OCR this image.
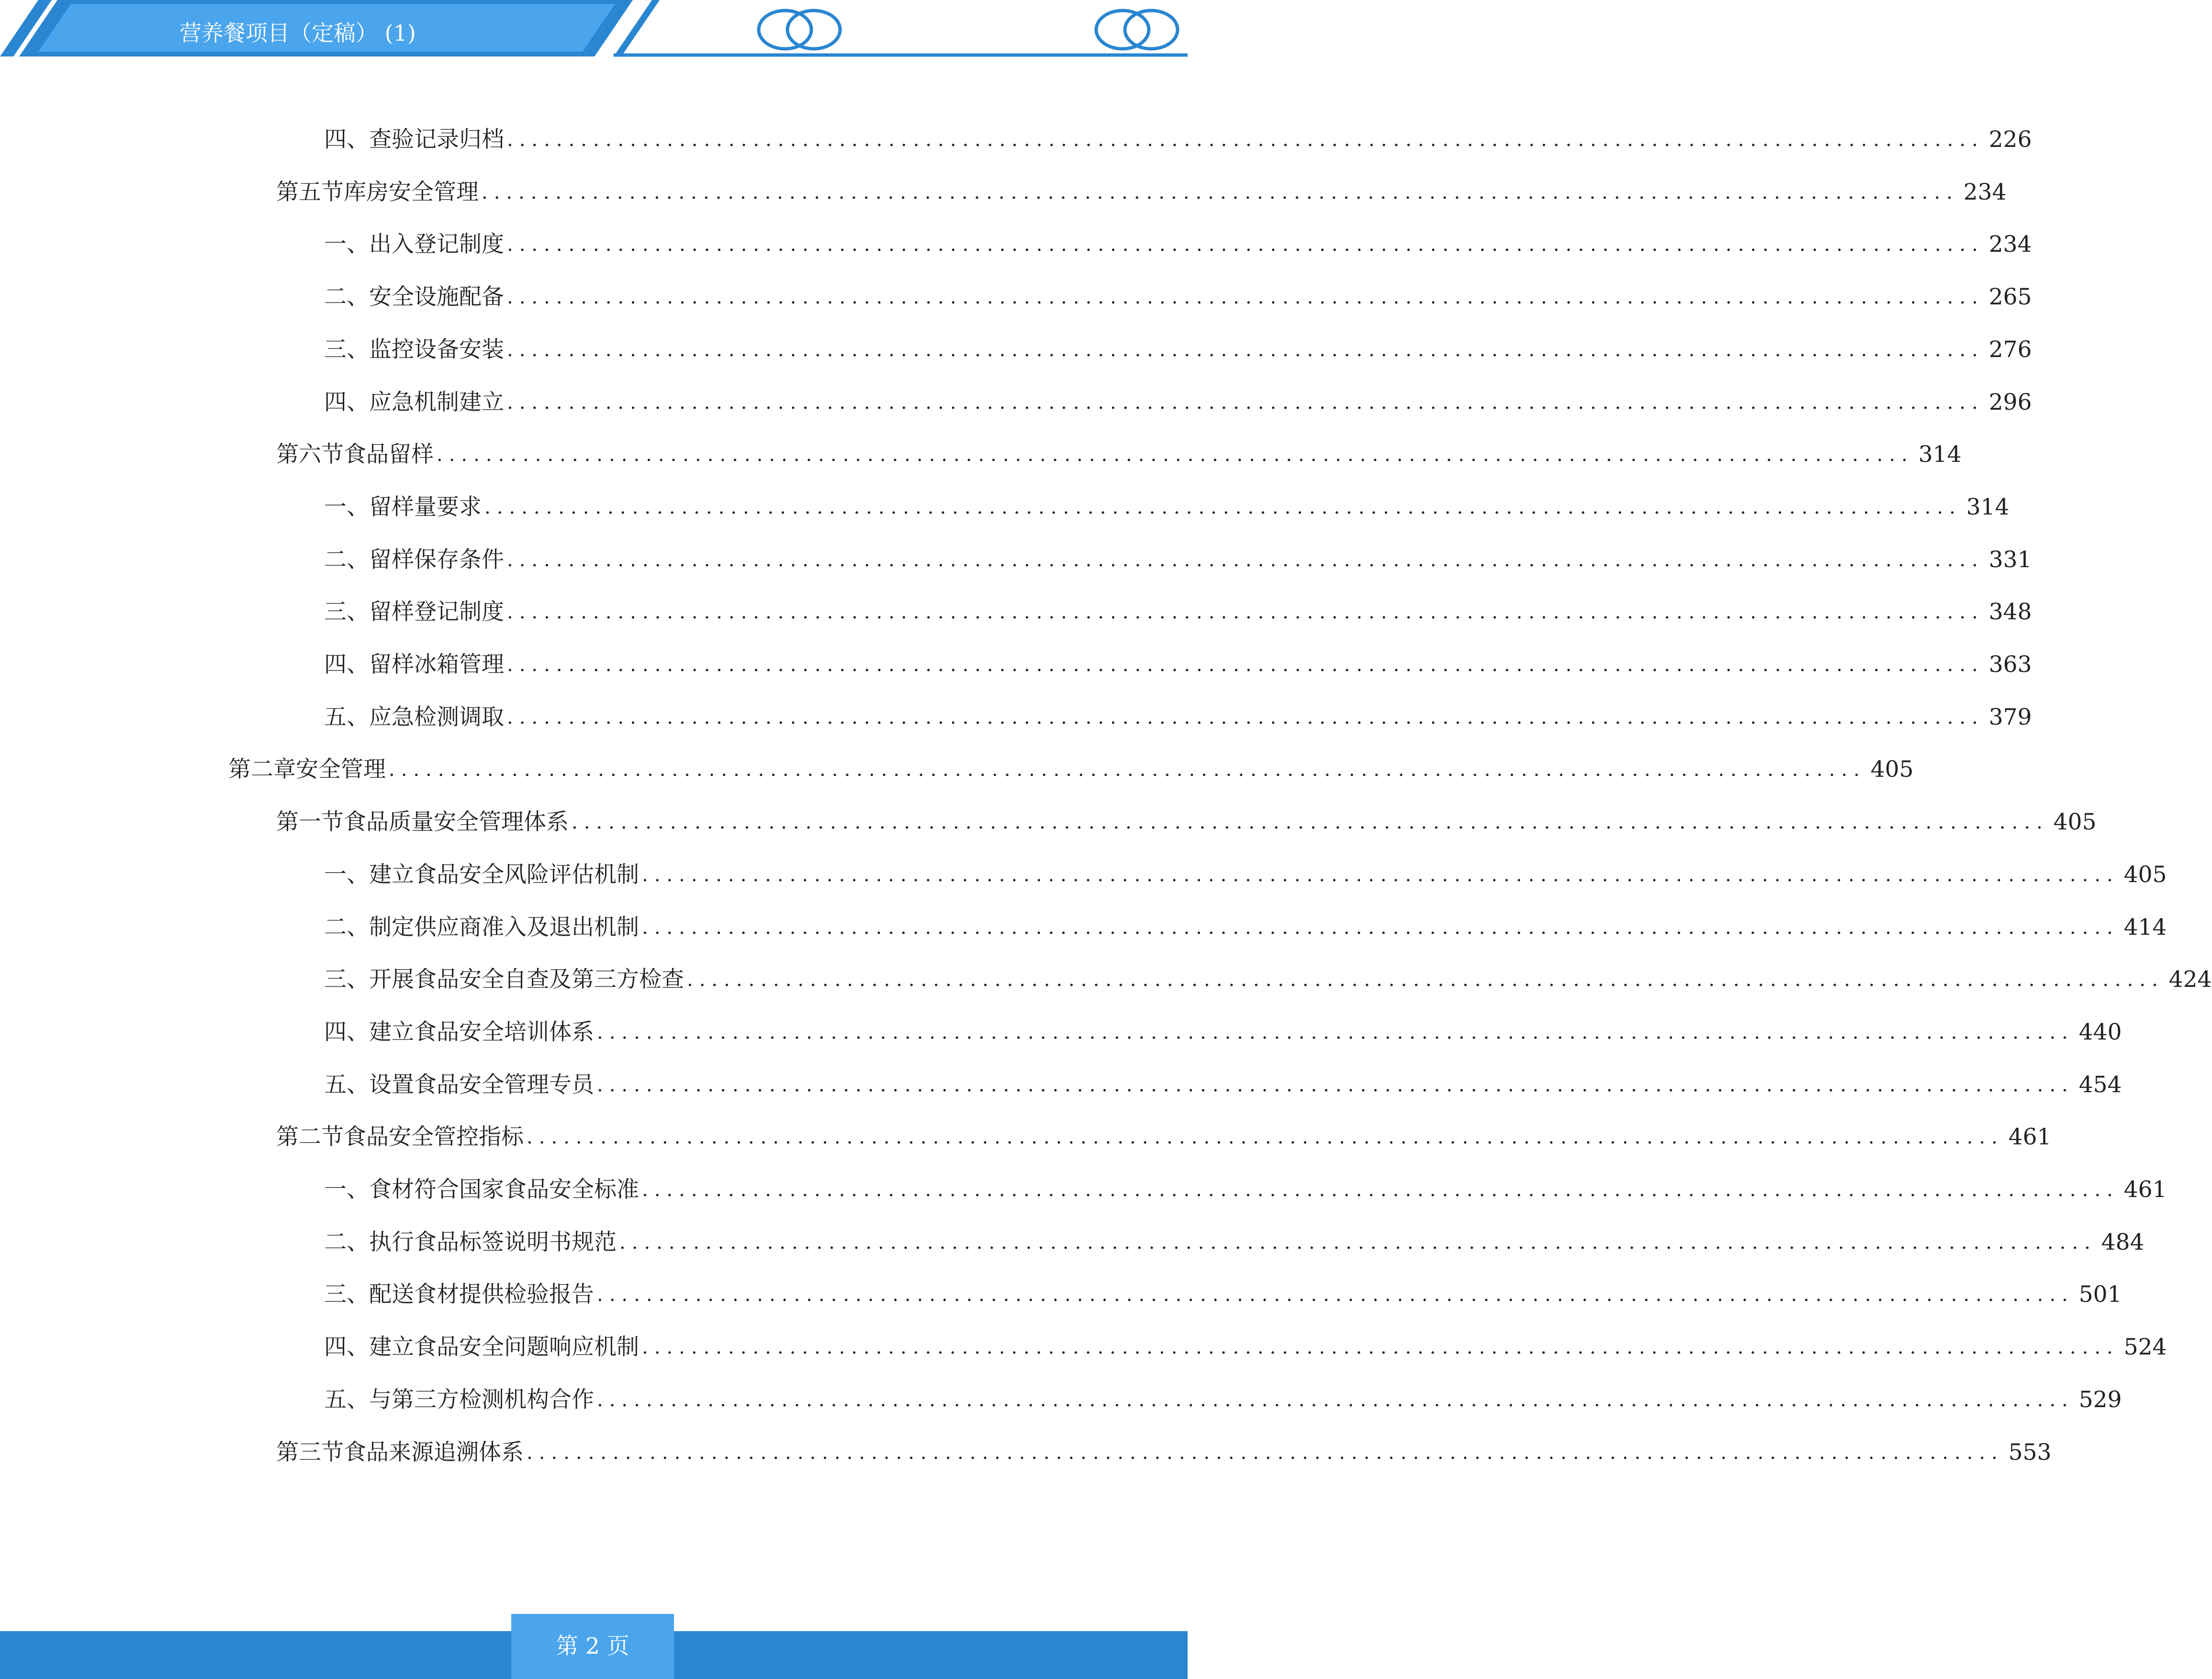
营养餐项目（定稿） (1)
四、 查验记录归档 ........................................................................................................................ 226
第五节 库房安全管理 ........................................................................................................................ 234
一、 出入登记制度 ........................................................................................................................ 234
二、 安全设施配备 ........................................................................................................................ 265
三、 监控设备安装 ........................................................................................................................ 276
四、 应急机制建立 ........................................................................................................................ 296
第六节 食品留样 ........................................................................................................................ 314
一、 留样量要求 ........................................................................................................................ 314
二、 留样保存条件 ........................................................................................................................ 331
三、 留样登记制度 ........................................................................................................................ 348
四、 留样冰箱管理 ........................................................................................................................ 363
五、 应急检测调取 ........................................................................................................................ 379
第二章 安全管理 ........................................................................................................................ 405
第一节 食品质量安全管理体系 ........................................................................................................................ 405
一、 建立食品安全风险评估机制 ........................................................................................................................ 405
二、 制定供应商准入及退出机制 ........................................................................................................................ 414
三、 开展食品安全自查及第三方检查 ........................................................................................................................ 424
四、 建立食品安全培训体系 ........................................................................................................................ 440
五、 设置食品安全管理专员 ........................................................................................................................ 454
第二节 食品安全管控指标 ........................................................................................................................ 461
一、 食材符合国家食品安全标准 ........................................................................................................................ 461
二、 执行食品标签说明书规范 ........................................................................................................................ 484
三、 配送食材提供检验报告 ........................................................................................................................ 501
四、 建立食品安全问题响应机制 ........................................................................................................................ 524
五、 与第三方检测机构合作 ........................................................................................................................ 529
第三节 食品来源追溯体系 ........................................................................................................................ 553
第 2 页
